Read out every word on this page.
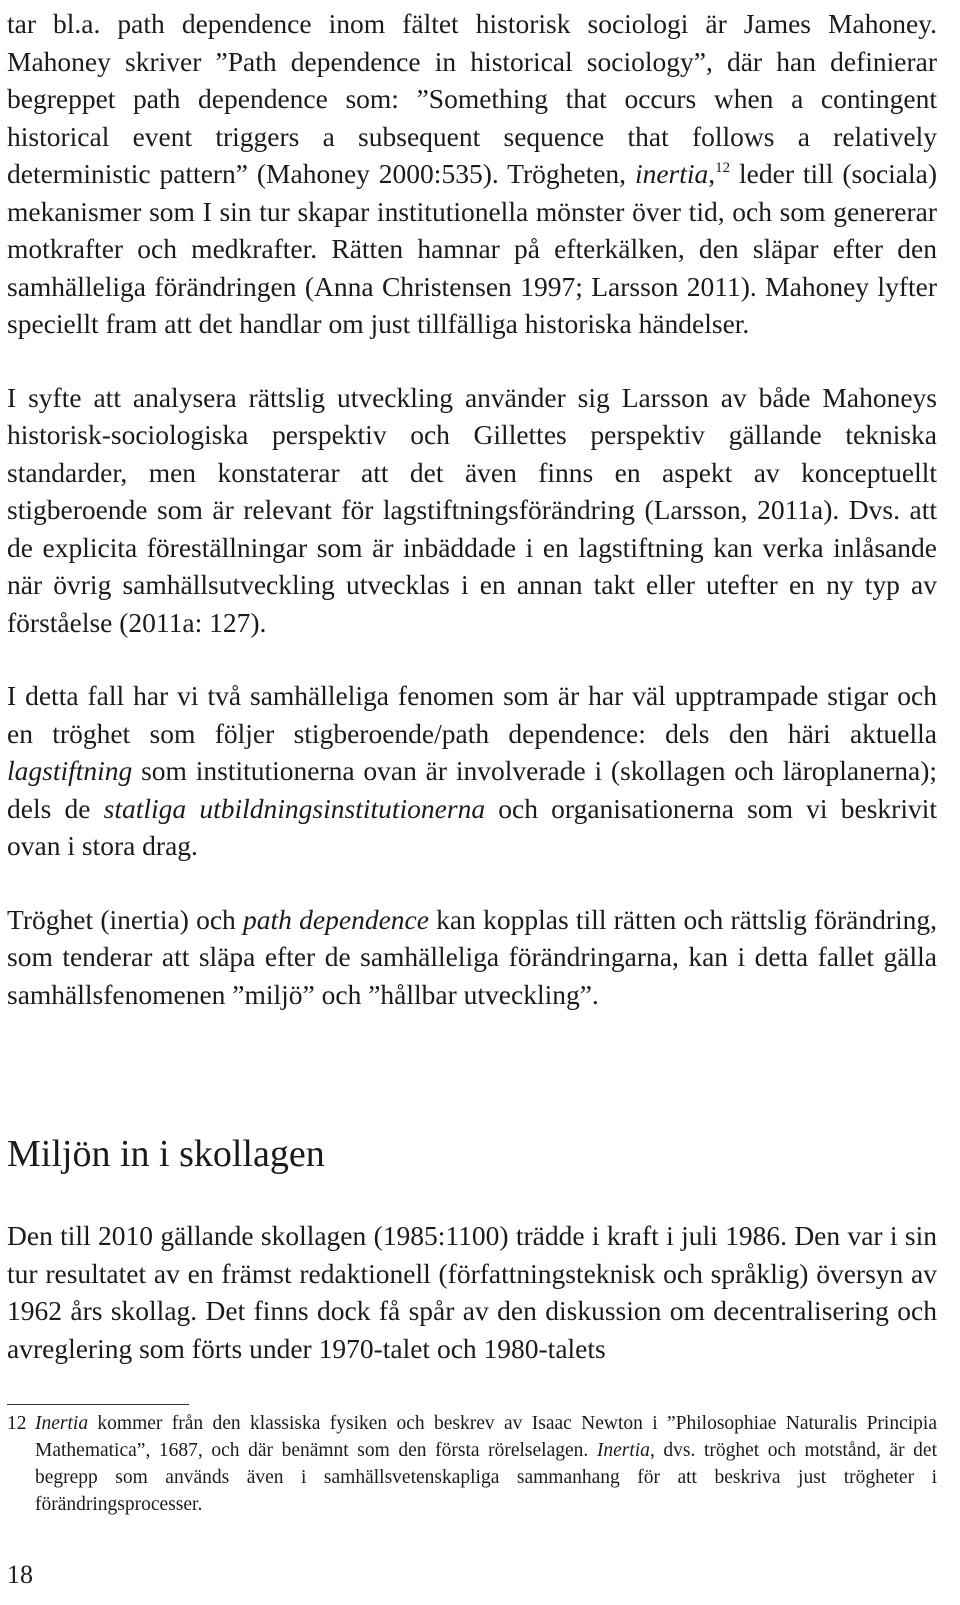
tar bl.a. path dependence inom fältet historisk sociologi är James Mahoney. Mahoney skriver ”Path dependence in historical sociology”, där han definierar begreppet path dependence som: ”Something that occurs when a contingent historical event triggers a subsequent sequence that follows a relatively deterministic pattern” (Mahoney 2000:535). Trögheten, inertia,$^{12}$ leder till (sociala) mekanismer som I sin tur skapar institutionella mönster över tid, och som genererar motkrafter och medkrafter. Rätten hamnar på efterkälken, den släpar efter den samhälleliga förändringen (Anna Christensen 1997; Larsson 2011). Mahoney lyfter speciellt fram att det handlar om just tillfälliga historiska händelser.

I syfte att analysera rättslig utveckling använder sig Larsson av både Mahoneys historisk-sociologiska perspektiv och Gillettes perspektiv gällande tekniska standarder, men konstaterar att det även finns en aspekt av konceptuellt stigberoende som är relevant för lagstiftningsförändring (Larsson, 2011a). Dvs. att de explicita föreställningar som är inbäddade i en lagstiftning kan verka inlåsande när övrig samhällsutveckling utvecklas i en annan takt eller utefter en ny typ av förståelse (2011a: 127).

I detta fall har vi två samhälleliga fenomen som är har väl upptrampade stigar och en tröghet som följer stigberoende/path dependence: dels den häri aktuella lagstiftning som institutionerna ovan är involverade i (skollagen och läroplanerna); dels de statliga utbildningsinstitutionerna och organisationerna som vi beskrivit ovan i stora drag.

Tröghet (inertia) och path dependence kan kopplas till rätten och rättslig förändring, som tenderar att släpa efter de samhälleliga förändringarna, kan i detta fallet gälla samhällsfenomenen ”miljö” och ”hållbar utveckling”.

Miljön in i skollagen

Den till 2010 gällande skollagen (1985:1100) trädde i kraft i juli 1986. Den var i sin tur resultatet av en främst redaktionell (författningsteknisk och språklig) översyn av 1962 års skollag. Det finns dock få spår av den diskussion om decentralisering och avreglering som förts under 1970-talet och 1980-talets

12 Inertia kommer från den klassiska fysiken och beskrev av Isaac Newton i ”Philosophiae Naturalis Principia Mathematica”, 1687, och där benämnt som den första rörelselagen. Inertia, dvs. tröghet och motstånd, är det begrepp som används även i samhällsvetenskapliga sammanhang för att beskriva just trögheter i förändringsprocesser.
18
